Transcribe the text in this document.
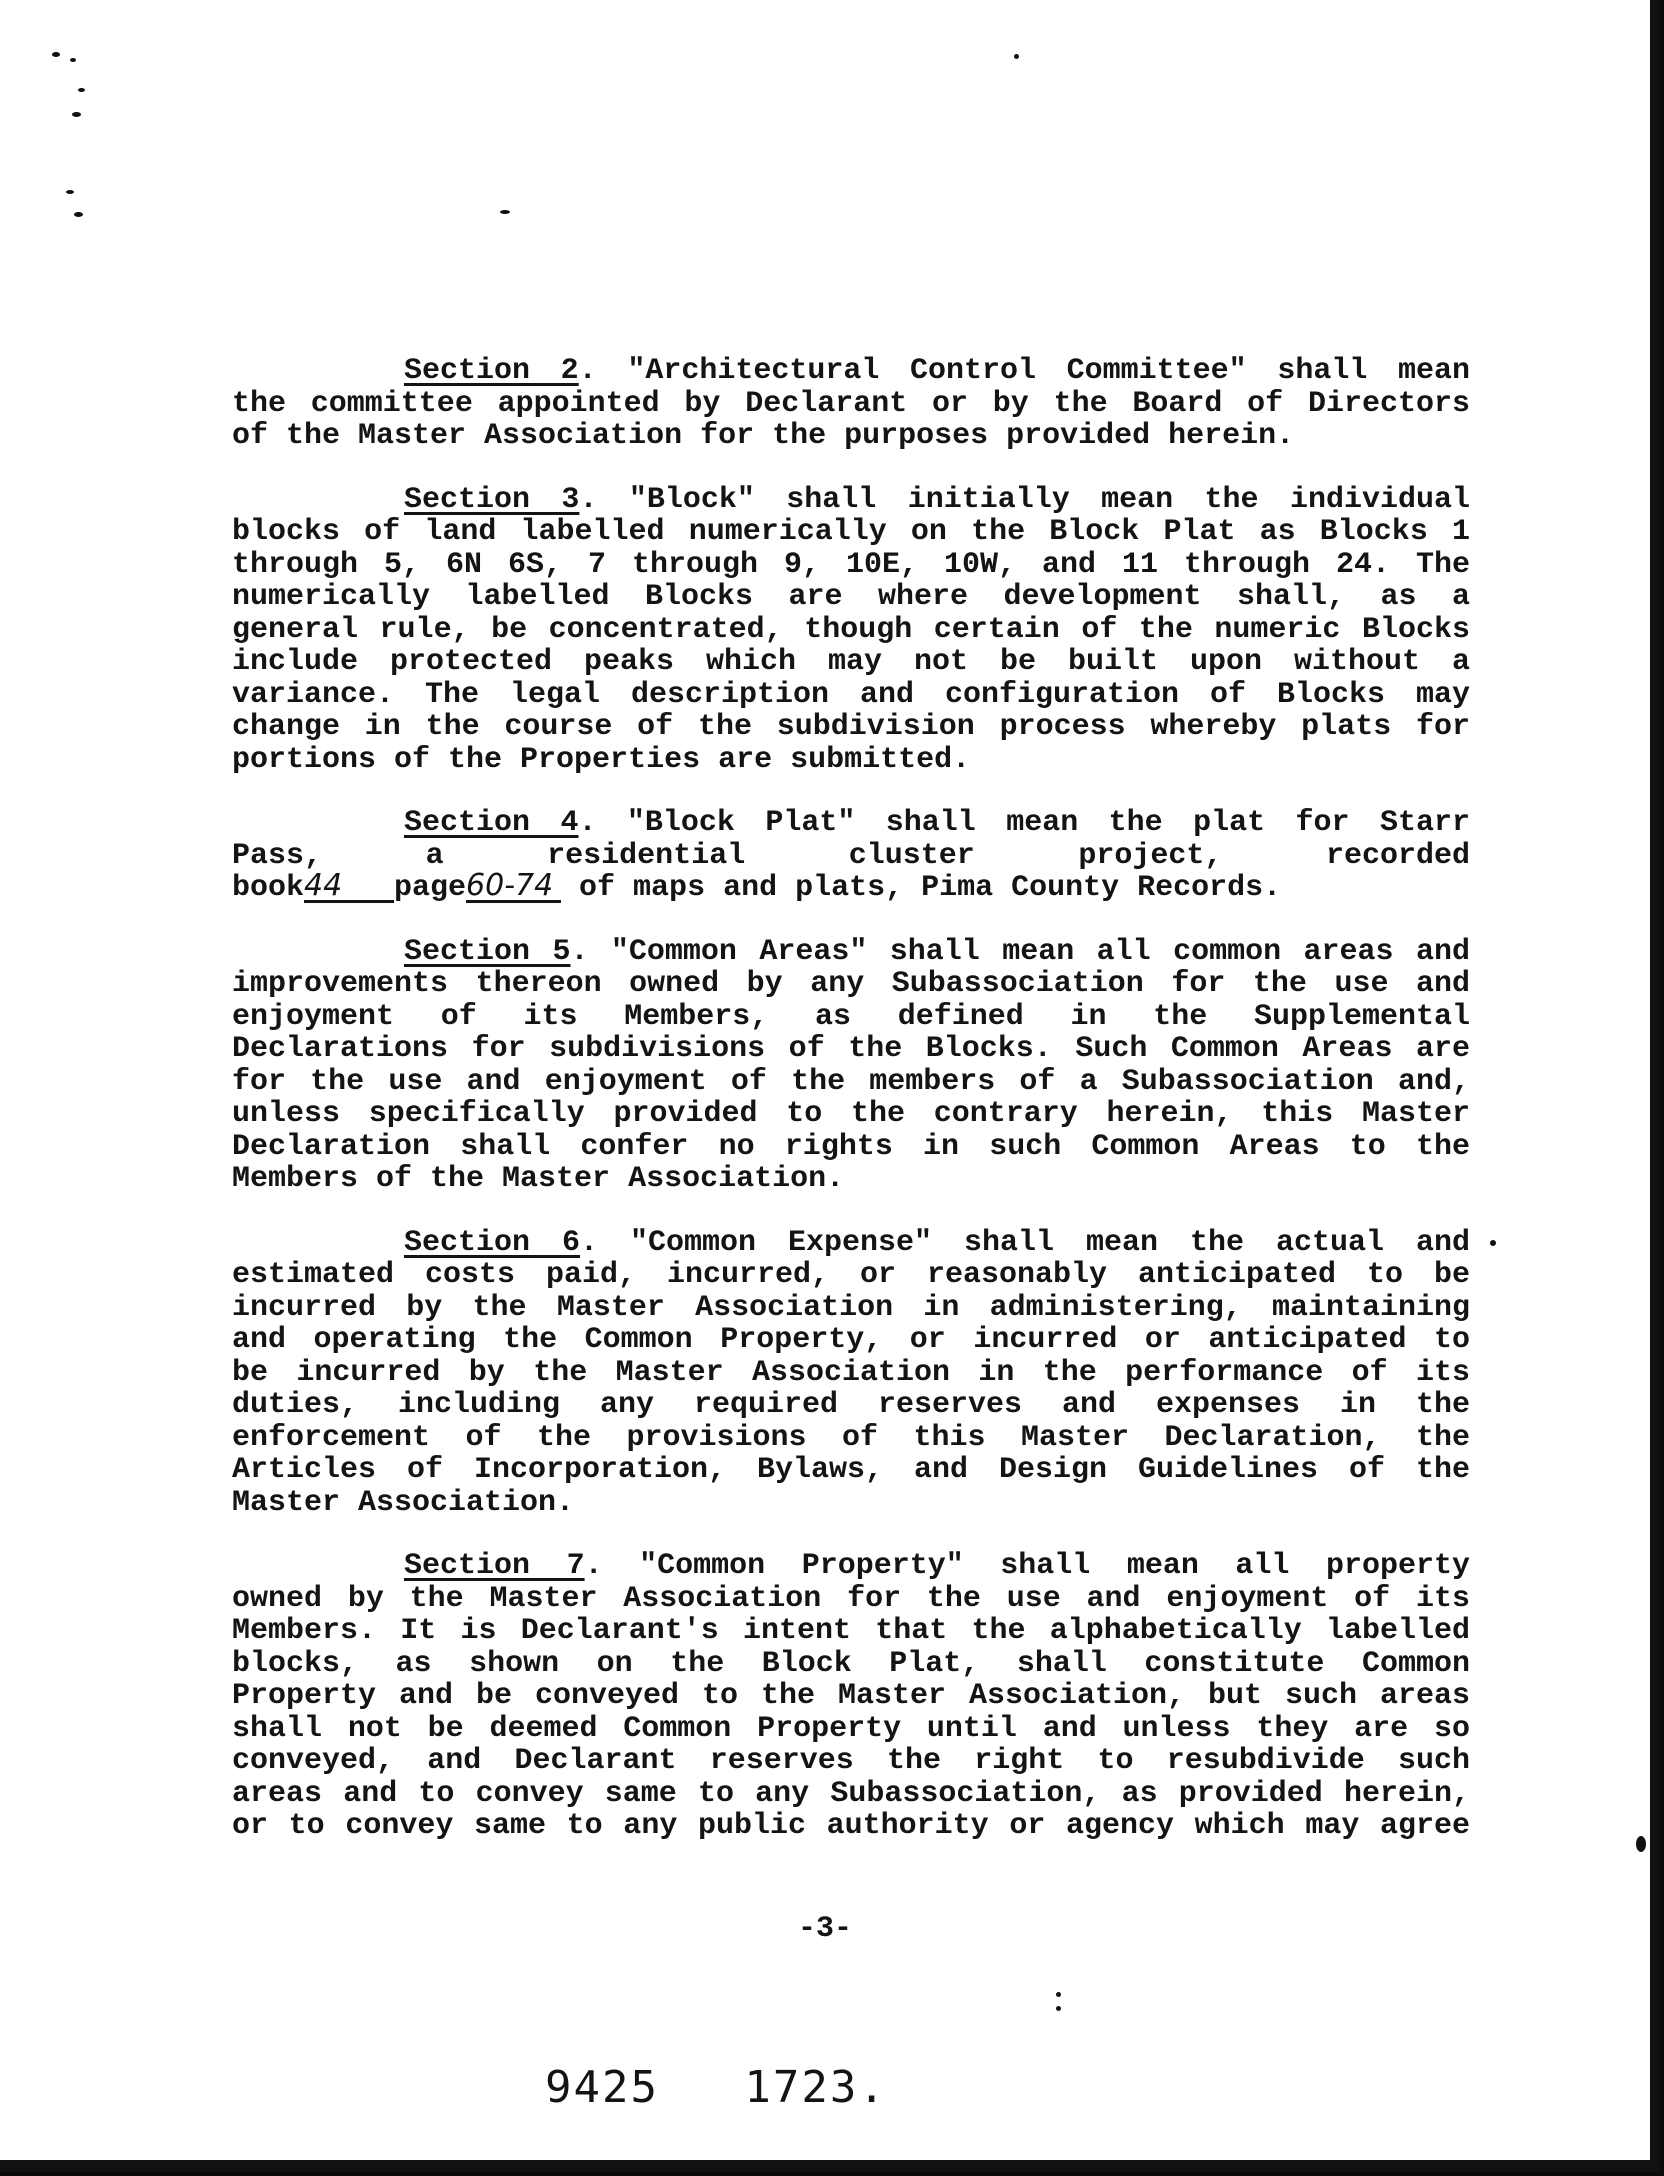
Section 2. "Architectural Control Committee" shall mean
the committee appointed by Declarant or by the Board of Directors
of the Master Association for the purposes provided herein.
Section 3. "Block" shall initially mean the individual
blocks of land labelled numerically on the Block Plat as Blocks 1
through 5, 6N 6S, 7 through 9, 10E, 10W, and 11 through 24. The
numerically labelled Blocks are where development shall, as a
general rule, be concentrated, though certain of the numeric Blocks
include protected peaks which may not be built upon without a
variance. The legal description and configuration of Blocks may
change in the course of the subdivision process whereby plats for
portions of the Properties are submitted.
Section 4. "Block Plat" shall mean the plat for Starr
Pass, a residential cluster project, recorded
book44 page60-74 of maps and plats, Pima County Records.
Section 5. "Common Areas" shall mean all common areas and
improvements thereon owned by any Subassociation for the use and
enjoyment of its Members, as defined in the Supplemental
Declarations for subdivisions of the Blocks. Such Common Areas are
for the use and enjoyment of the members of a Subassociation and,
unless specifically provided to the contrary herein, this Master
Declaration shall confer no rights in such Common Areas to the
Members of the Master Association.
Section 6. "Common Expense" shall mean the actual and
estimated costs paid, incurred, or reasonably anticipated to be
incurred by the Master Association in administering, maintaining
and operating the Common Property, or incurred or anticipated to
be incurred by the Master Association in the performance of its
duties, including any required reserves and expenses in the
enforcement of the provisions of this Master Declaration, the
Articles of Incorporation, Bylaws, and Design Guidelines of the
Master Association.
Section 7. "Common Property" shall mean all property
owned by the Master Association for the use and enjoyment of its
Members. It is Declarant's intent that the alphabetically labelled
blocks, as shown on the Block Plat, shall constitute Common
Property and be conveyed to the Master Association, but such areas
shall not be deemed Common Property until and unless they are so
conveyed, and Declarant reserves the right to resubdivide such
areas and to convey same to any Subassociation, as provided herein,
or to convey same to any public authority or agency which may agree
-3-
9425   1723.
